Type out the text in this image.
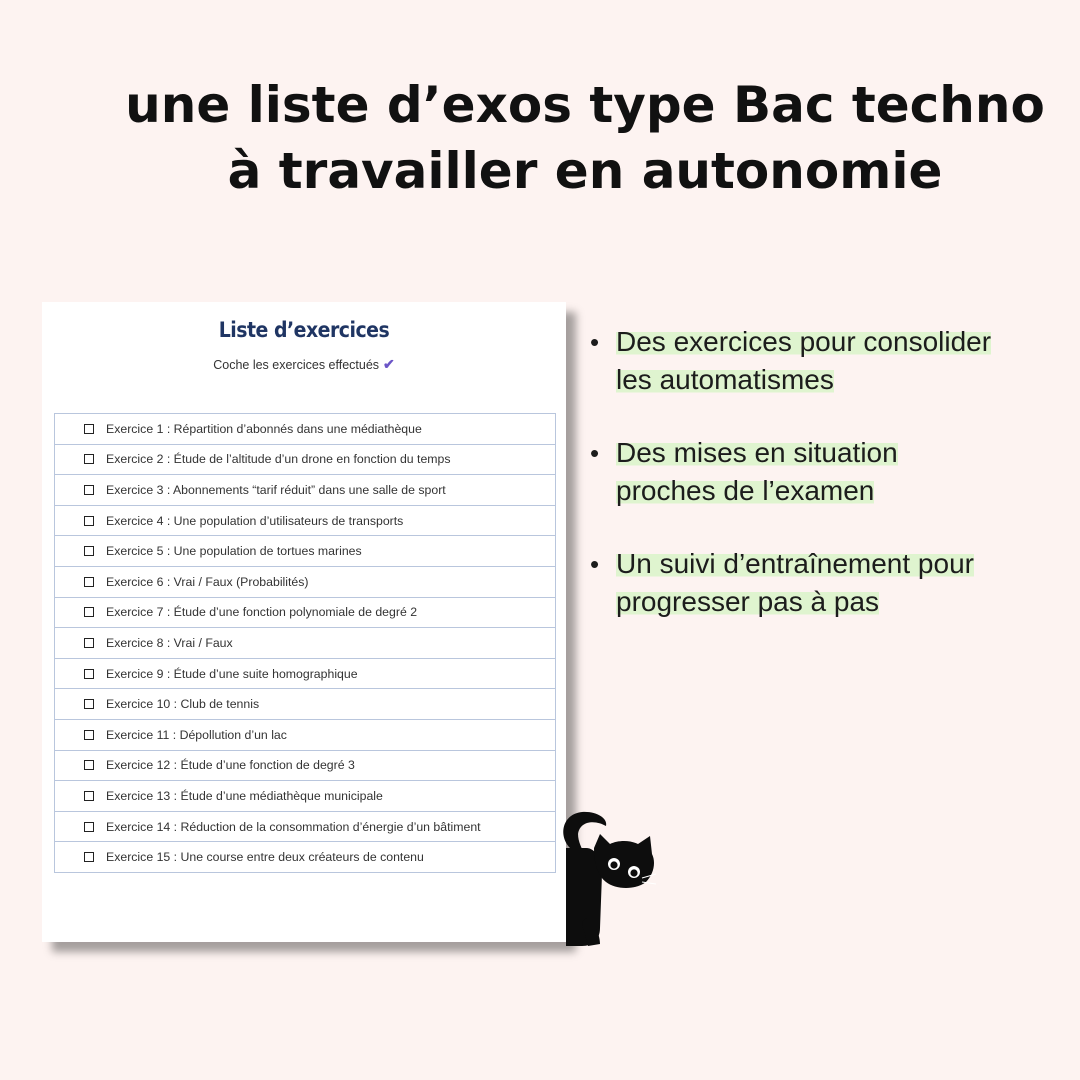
une liste d’exos type Bac techno
à travailler en autonomie
Liste d’exercices
Coche les exercices effectués ✔
Exercice 1 : Répartition d’abonnés dans une médiathèque
Exercice 2 : Étude de l’altitude d’un drone en fonction du temps
Exercice 3 : Abonnements “tarif réduit” dans une salle de sport
Exercice 4 : Une population d’utilisateurs de transports
Exercice 5 : Une population de tortues marines
Exercice 6 : Vrai / Faux (Probabilités)
Exercice 7 : Étude d’une fonction polynomiale de degré 2
Exercice 8 : Vrai / Faux
Exercice 9 : Étude d’une suite homographique
Exercice 10 : Club de tennis
Exercice 11 : Dépollution d’un lac
Exercice 12 : Étude d’une fonction de degré 3
Exercice 13 : Étude d’une médiathèque municipale
Exercice 14 : Réduction de la consommation d’énergie d’un bâtiment
Exercice 15 : Une course entre deux créateurs de contenu
• Des exercices pour consolider
les automatismes
• Des mises en situation
proches de l’examen
• Un suivi d’entraînement pour
progresser pas à pas
